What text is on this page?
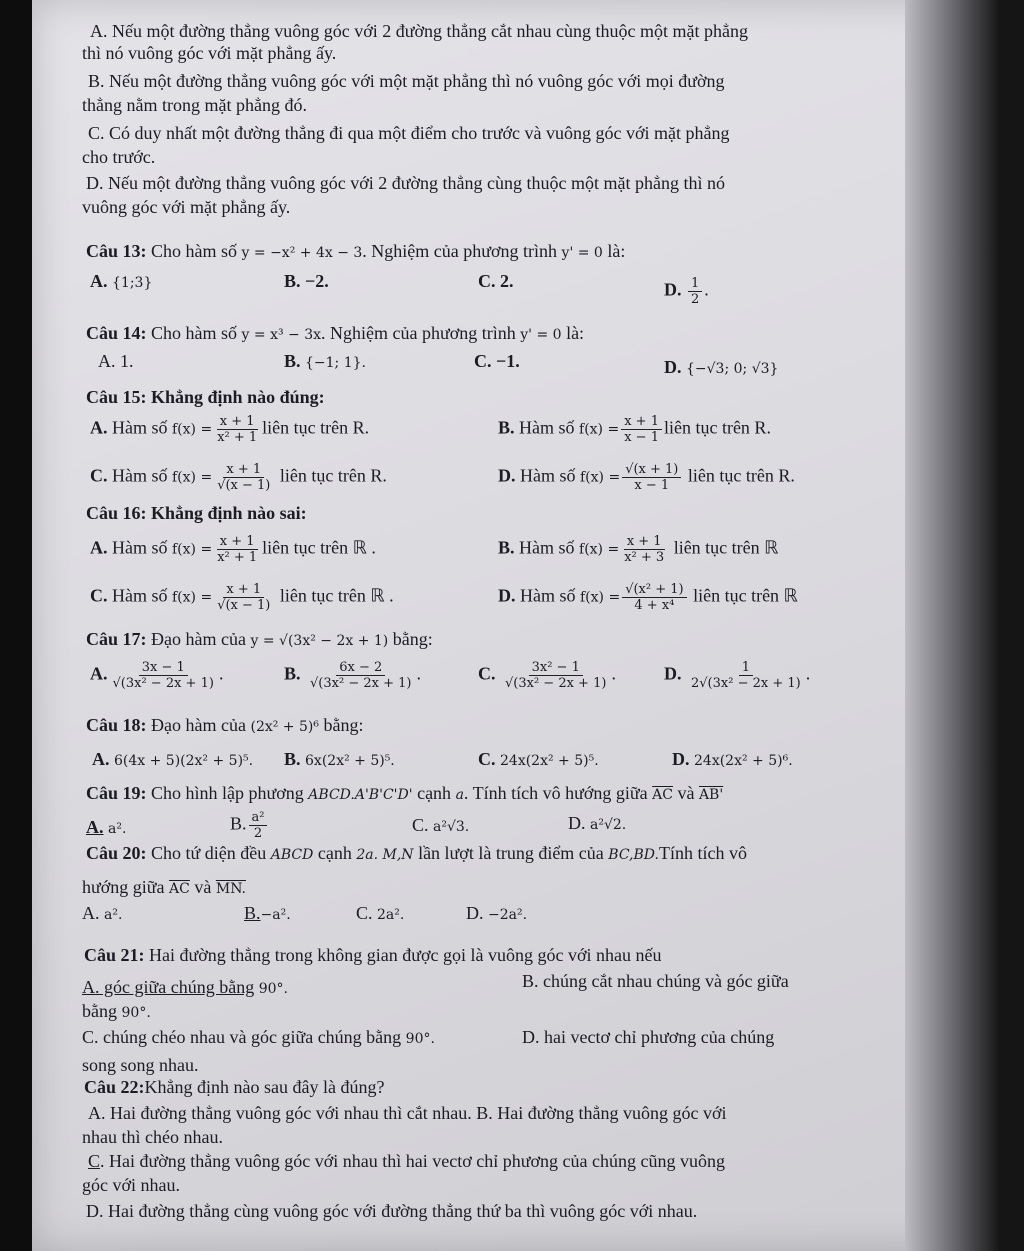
A. Nếu một đường thẳng vuông góc với 2 đường thẳng cắt nhau cùng thuộc một mặt phẳng
thì nó vuông góc với mặt phẳng ấy.
B. Nếu một đường thẳng vuông góc với một mặt phẳng thì nó vuông góc với mọi đường
thẳng nằm trong mặt phẳng đó.
C. Có duy nhất một đường thẳng đi qua một điểm cho trước và vuông góc với mặt phẳng
cho trước.
D. Nếu một đường thẳng vuông góc với 2 đường thẳng cùng thuộc một mặt phẳng thì nó
vuông góc với mặt phẳng ấy.
Câu 13: Cho hàm số y = −x² + 4x − 3. Nghiệm của phương trình y' = 0 là:
A. {1;3}	B. −2.	C. 2.	D. $\frac{1}{2}$ .
Câu 14: Cho hàm số y = x³ − 3x. Nghiệm của phương trình y' = 0 là:
A. 1.	B. {−1; 1}.	C. −1.	D. {−√3; 0; √3}
Câu 15: Khẳng định nào đúng:
A. Hàm số $f(x) = \frac{x + 1}{\text{x² + 1}}$ liên tục trên R.	B. Hàm số $f(x) = \frac{x + 1}{x - 1}$ liên tục trên R.
C. Hàm số $f(x) = \frac{x + 1}{√(x - 1)}$ liên tục trên R.	D. Hàm số $f(x) = \frac{√(x + 1)}{x - 1}$ liên tục trên R.
Câu 16: Khẳng định nào sai:
A. Hàm số $f(x) = \frac{x + 1}{\text{x² + 1}}$ liên tục trên ℝ .	B. Hàm số $f(x) = \frac{x + 1}{\text{x² + 3}}$ liên tục trên ℝ
C. Hàm số $f(x) = \frac{x + 1}{√(x - 1)}$ liên tục trên ℝ .	D. Hàm số $f(x) = \frac{\text{√(x² + 1)}}{\text{4 + x⁴}}$ liên tục trên ℝ
Câu 17: Đạo hàm của y = √(3x² − 2x + 1) bằng:
A. $\frac{3x - 1}{\text{√(3x² − 2x + 1)}}$ .	B. $\frac{6x - 2}{\text{√(3x² − 2x + 1)}}$ .	C. $\frac{\text{3x² − 1}}{\text{√(3x² − 2x + 1)}}$ .	D. $\frac{1}{\text{2√(3x² − 2x + 1)}}$ .
Câu 18: Đạo hàm của (2x² + 5)⁶ bằng:
A. 6(4x + 5)(2x² + 5)⁵. B. 6x(2x² + 5)⁵.	C. 24x(2x² + 5)⁵.	D. 24x(2x² + 5)⁶.
Câu 19: Cho hình lập phương ABCD.A'B'C'D' cạnh a. Tính tích vô hướng giữa $\overline{AC}$ và AB'
A. a².	B. $\frac{\text{a²}}{2}$	C. a²√3.	D. a²√2.
Câu 20: Cho tứ diện đều ABCD cạnh 2a. M,N lần lượt là trung điểm của BC,BD.Tính tích vô
hướng giữa $\overline{AC}$ và MN.
A. a².	B.−a².	C. 2a².	D. −2a².
Câu 21: Hai đường thẳng trong không gian được gọi là vuông góc với nhau nếu
A. góc giữa chúng bằng 90°.	B. chúng cắt nhau chúng và góc giữa
bằng 90°.
C. chúng chéo nhau và góc giữa chúng bằng 90°.	D. hai vectơ chỉ phương của chúng
song song nhau.
Câu 22:Khẳng định nào sau đây là đúng?
A. Hai đường thẳng vuông góc với nhau thì cắt nhau. B. Hai đường thẳng vuông góc với
nhau thì chéo nhau.
C. Hai đường thẳng vuông góc với nhau thì hai vectơ chỉ phương của chúng cũng vuông
góc với nhau.
D. Hai đường thẳng cùng vuông góc với đường thẳng thứ ba thì vuông góc với nhau.
